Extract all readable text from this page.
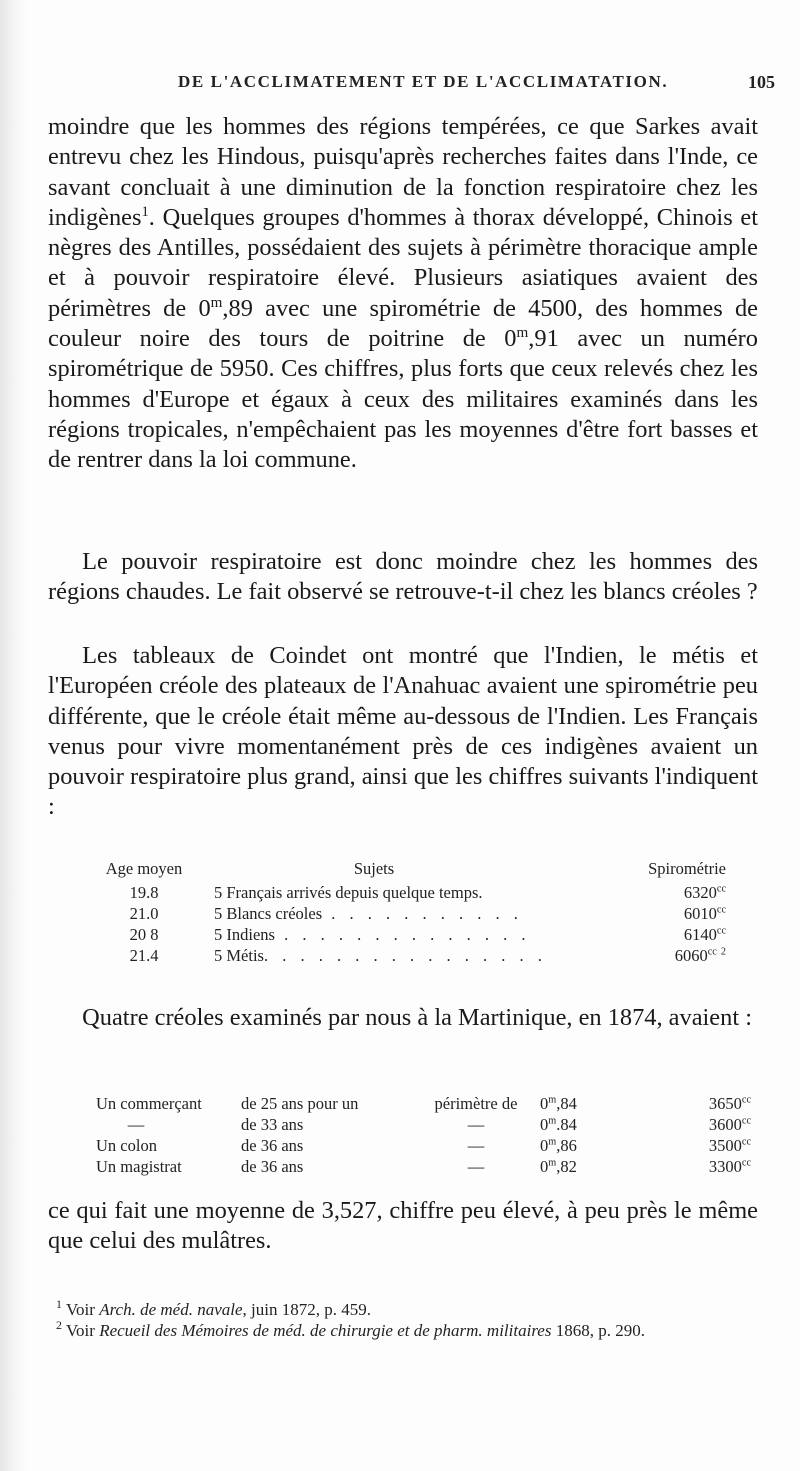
DE L'ACCLIMATEMENT ET DE L'ACCLIMATATION.	105
moindre que les hommes des régions tempérées, ce que Sarkes avait entrevu chez les Hindous, puisqu'après recherches faites dans l'Inde, ce savant concluait à une diminution de la fonction respiratoire chez les indigènes$^1$. Quelques groupes d'hommes à thorax développé, Chinois et nègres des Antilles, possédaient des sujets à périmètre thoracique ample et à pouvoir respiratoire élevé. Plusieurs asiatiques avaient des périmètres de 0$^m$,89 avec une spirométrie de 4500, des hommes de couleur noire des tours de poitrine de 0$^m$,91 avec un numéro spirométrique de 5950. Ces chiffres, plus forts que ceux relevés chez les hommes d'Europe et égaux à ceux des militaires examinés dans les régions tropicales, n'empêchaient pas les moyennes d'être fort basses et de rentrer dans la loi commune.
Le pouvoir respiratoire est donc moindre chez les hommes des régions chaudes. Le fait observé se retrouve-t-il chez les blancs créoles ?
Les tableaux de Coindet ont montré que l'Indien, le métis et l'Européen créole des plateaux de l'Anahuac avaient une spirométrie peu différente, que le créole était même au-dessous de l'Indien. Les Français venus pour vivre momentanément près de ces indigènes avaient un pouvoir respiratoire plus grand, ainsi que les chiffres suivants l'indiquent :
Age moyen	Sujets	Spirométrie
19.8	5 Français arrivés depuis quelque temps.	$6320^{cc}$
21.0	5 Blancs créoles . . . . . . . . . . .	$6010^{cc}$
20 8	5 Indiens . . . . . . . . . . . . . .	$6140^{cc}$
21.4	5 Métis. . . . . . . . . . . . . . . .	$6060^{cc}$ $^2$
Quatre créoles examinés par nous à la Martinique, en 1874, avaient :
Un commerçant	de 25 ans pour un	périmètre de	0$^m$,84	$3650^{cc}$
—	de 33 ans	—	0$^m$.84	$3600^{cc}$
Un colon	de 36 ans	—	0$^m$,86	$3500^{cc}$
Un magistrat	de 36 ans	—	0$^m$,82	$3300^{cc}$
ce qui fait une moyenne de 3,527, chiffre peu élevé, à peu près le même que celui des mulâtres.
$^1$ Voir Arch. de méd. navale, juin 1872, p. 459.
$^2$ Voir Recueil des Mémoires de méd. de chirurgie et de pharm. militaires 1868, p. 290.
